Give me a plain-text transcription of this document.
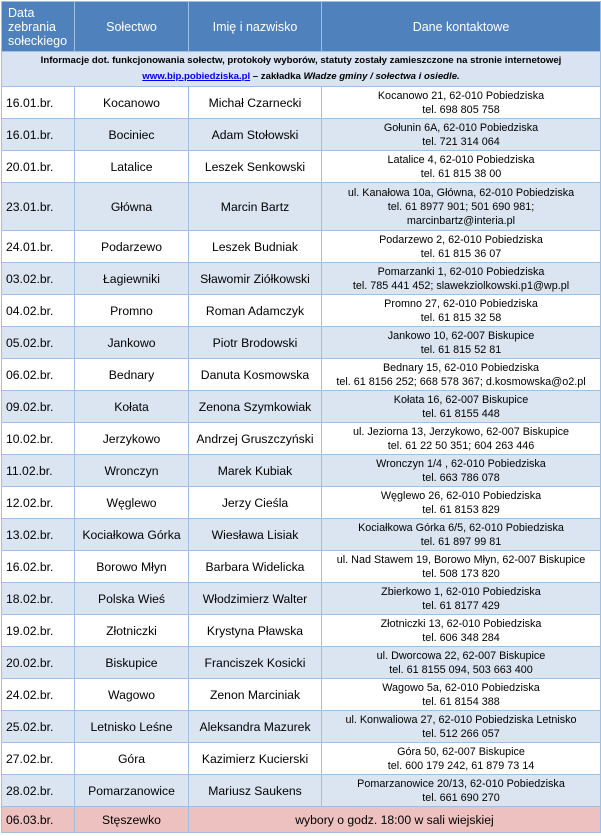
Data zebrania sołeckiego	Sołectwo	Imię i nazwisko	Dane kontaktowe

Informacje dot. funkcjonowania sołectw, protokoły wyborów, statuty zostały zamieszczone na stronie internetowej
www.bip.pobiedziska.pl – zakładka Władze gminy / sołectwa i osiedle.			

16.01.br.	Kocanowo	Michał Czarnecki	Kocanowo 21, 62-010 Pobiedziska
tel. 698 805 758

16.01.br.	Bociniec	Adam Stołowski	Gołunin 6A, 62-010 Pobiedziska
tel. 721 314 064

20.01.br.	Latalice	Leszek Senkowski	Latalice 4, 62-010 Pobiedziska
tel. 61 815 38 00

23.01.br.	Główna	Marcin Bartz	ul. Kanałowa 10a, Główna, 62-010 Pobiedziska
tel. 61 8977 901; 501 690 981;
marcinbartz@interia.pl

24.01.br.	Podarzewo	Leszek Budniak	Podarzewo 2, 62-010 Pobiedziska
tel. 61 815 36 07

03.02.br.	Łagiewniki	Sławomir Ziółkowski	Pomarzanki 1, 62-010 Pobiedziska
tel. 785 441 452; slawekziolkowski.p1@wp.pl

04.02.br.	Promno	Roman Adamczyk	Promno 27, 62-010 Pobiedziska
tel. 61 815 32 58

05.02.br.	Jankowo	Piotr Brodowski	Jankowo 10, 62-007 Biskupice
tel. 61 815 52 81

06.02.br.	Bednary	Danuta Kosmowska	Bednary 15, 62-010 Pobiedziska
tel. 61 8156 252; 668 578 367; d.kosmowska@o2.pl

09.02.br.	Kołata	Zenona Szymkowiak	Kołata 16, 62-007 Biskupice
tel. 61 8155 448

10.02.br.	Jerzykowo	Andrzej Gruszczyński	ul. Jeziorna 13, Jerzykowo, 62-007 Biskupice
tel. 61 22 50 351; 604 263 446

11.02.br.	Wronczyn	Marek Kubiak	Wronczyn 1/4 , 62-010 Pobiedziska
tel. 663 786 078

12.02.br.	Węglewo	Jerzy Cieśla	Węglewo 26, 62-010 Pobiedziska
tel. 61 8153 829

13.02.br.	Kociałkowa Górka	Wiesława Lisiak	Kociałkowa Górka 6/5, 62-010 Pobiedziska
tel. 61 897 99 81

16.02.br.	Borowo Młyn	Barbara Widelicka	ul. Nad Stawem 19, Borowo Młyn, 62-007 Biskupice
tel. 508 173 820

18.02.br.	Polska Wieś	Włodzimierz Walter	Zbierkowo 1, 62-010 Pobiedziska
tel. 61 8177 429

19.02.br.	Złotniczki	Krystyna Pławska	Złotniczki 13, 62-010 Pobiedziska
tel. 606 348 284

20.02.br.	Biskupice	Franciszek Kosicki	ul. Dworcowa 22, 62-007 Biskupice
tel. 61 8155 094, 503 663 400

24.02.br.	Wagowo	Zenon Marciniak	Wagowo 5a, 62-010 Pobiedziska
tel. 61 8154 388

25.02.br.	Letnisko Leśne	Aleksandra Mazurek	ul. Konwaliowa 27, 62-010 Pobiedziska Letnisko
tel. 512 266 057

27.02.br.	Góra	Kazimierz Kucierski	Góra 50, 62-007 Biskupice
tel. 600 179 242, 61 879 73 14

28.02.br.	Pomarzanowice	Mariusz Saukens	Pomarzanowice 20/13, 62-010 Pobiedziska
tel. 661 690 270

06.03.br.	Stęszewko	wybory o godz. 18:00 w sali wiejskiej	
